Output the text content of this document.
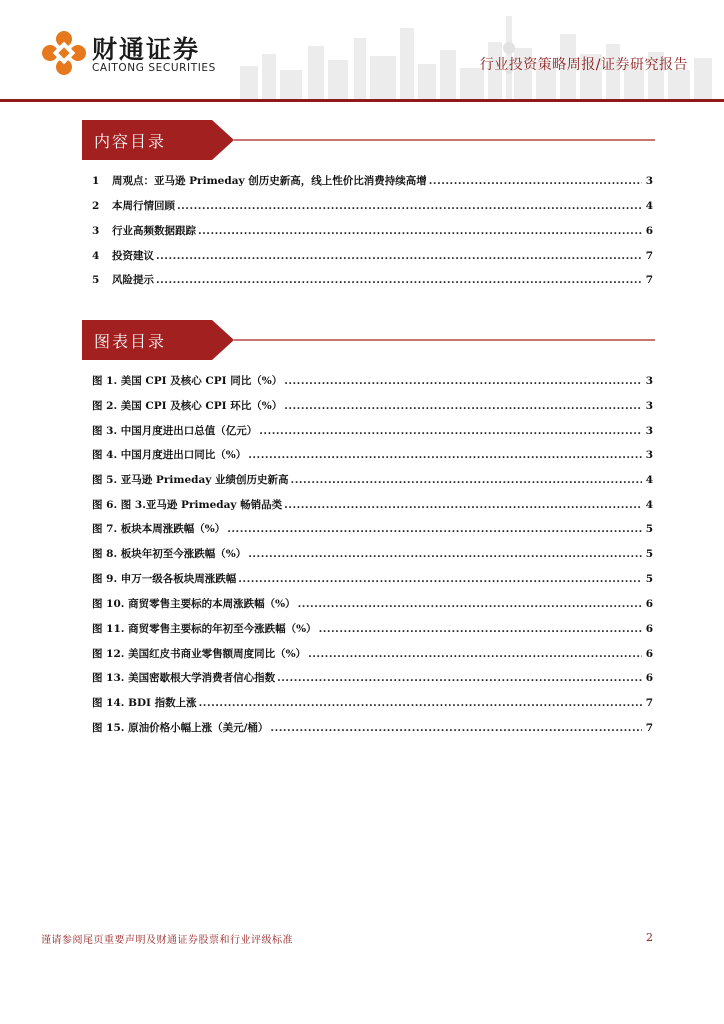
财通证券
CAITONG SECURITIES	行业投资策略周报/证券研究报告
内容目录
1	周观点：亚马逊 Primeday 创历史新高，线上性价比消费持续高增 .....	3
2	本周行情回顾 .....	4
3	行业高频数据跟踪 .....	6
4	投资建议 .....	7
5	风险提示 .....	7
图表目录
图 1. 美国 CPI 及核心 CPI 同比（%） .....	3
图 2. 美国 CPI 及核心 CPI 环比（%） .....	3
图 3. 中国月度进出口总值（亿元） .....	3
图 4. 中国月度进出口同比（%） .....	3
图 5. 亚马逊 Primeday 业绩创历史新高 .....	4
图 6. 图 3.亚马逊 Primeday 畅销品类 .....	4
图 7. 板块本周涨跌幅（%） .....	5
图 8. 板块年初至今涨跌幅（%） .....	5
图 9. 申万一级各板块周涨跌幅 .....	5
图 10. 商贸零售主要标的本周涨跌幅（%） .....	6
图 11. 商贸零售主要标的年初至今涨跌幅（%） .....	6
图 12. 美国红皮书商业零售额周度同比（%） .....	6
图 13. 美国密歇根大学消费者信心指数 .....	6
图 14. BDI 指数上涨 .....	7
图 15. 原油价格小幅上涨（美元/桶） .....	7
谨请参阅尾页重要声明及财通证券股票和行业评级标准	2
